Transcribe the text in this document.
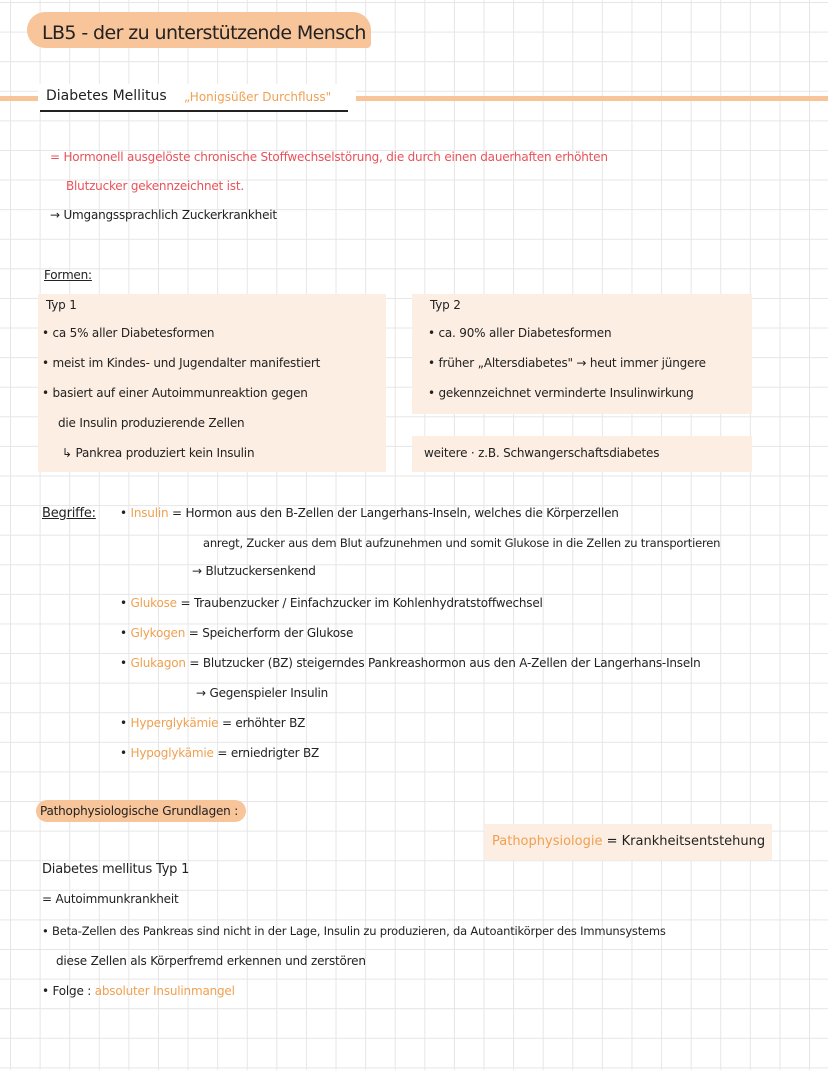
LB5 - der zu unterstützende Mensch
Diabetes Mellitus „Honigsüßer Durchfluss"
= Hormonell ausgelöste chronische Stoffwechselstörung, die durch einen dauerhaften erhöhten
Blutzucker gekennzeichnet ist.
→ Umgangssprachlich Zuckerkrankheit
Formen:
Typ 1
• ca 5% aller Diabetesformen
• meist im Kindes- und Jugendalter manifestiert
• basiert auf einer Autoimmunreaktion gegen
die Insulin produzierende Zellen
↳ Pankrea produziert kein Insulin
Typ 2
• ca. 90% aller Diabetesformen
• früher „Altersdiabetes" → heut immer jüngere
• gekennzeichnet verminderte Insulinwirkung
weitere · z.B. Schwangerschaftsdiabetes
Begriffe: • Insulin = Hormon aus den B-Zellen der Langerhans-Inseln, welches die Körperzellen
anregt, Zucker aus dem Blut aufzunehmen und somit Glukose in die Zellen zu transportieren
→ Blutzuckersenkend
• Glukose = Traubenzucker / Einfachzucker im Kohlenhydratstoffwechsel
• Glykogen = Speicherform der Glukose
• Glukagon = Blutzucker (BZ) steigerndes Pankreashormon aus den A-Zellen der Langerhans-Inseln
→ Gegenspieler Insulin
• Hyperglykämie = erhöhter BZ
• Hypoglykämie = erniedrigter BZ
Pathophysiologische Grundlagen :
Pathophysiologie = Krankheitsentstehung
Diabetes mellitus Typ 1
= Autoimmunkrankheit
• Beta-Zellen des Pankreas sind nicht in der Lage, Insulin zu produzieren, da Autoantikörper des Immunsystems
diese Zellen als Körperfremd erkennen und zerstören
• Folge : absoluter Insulinmangel
